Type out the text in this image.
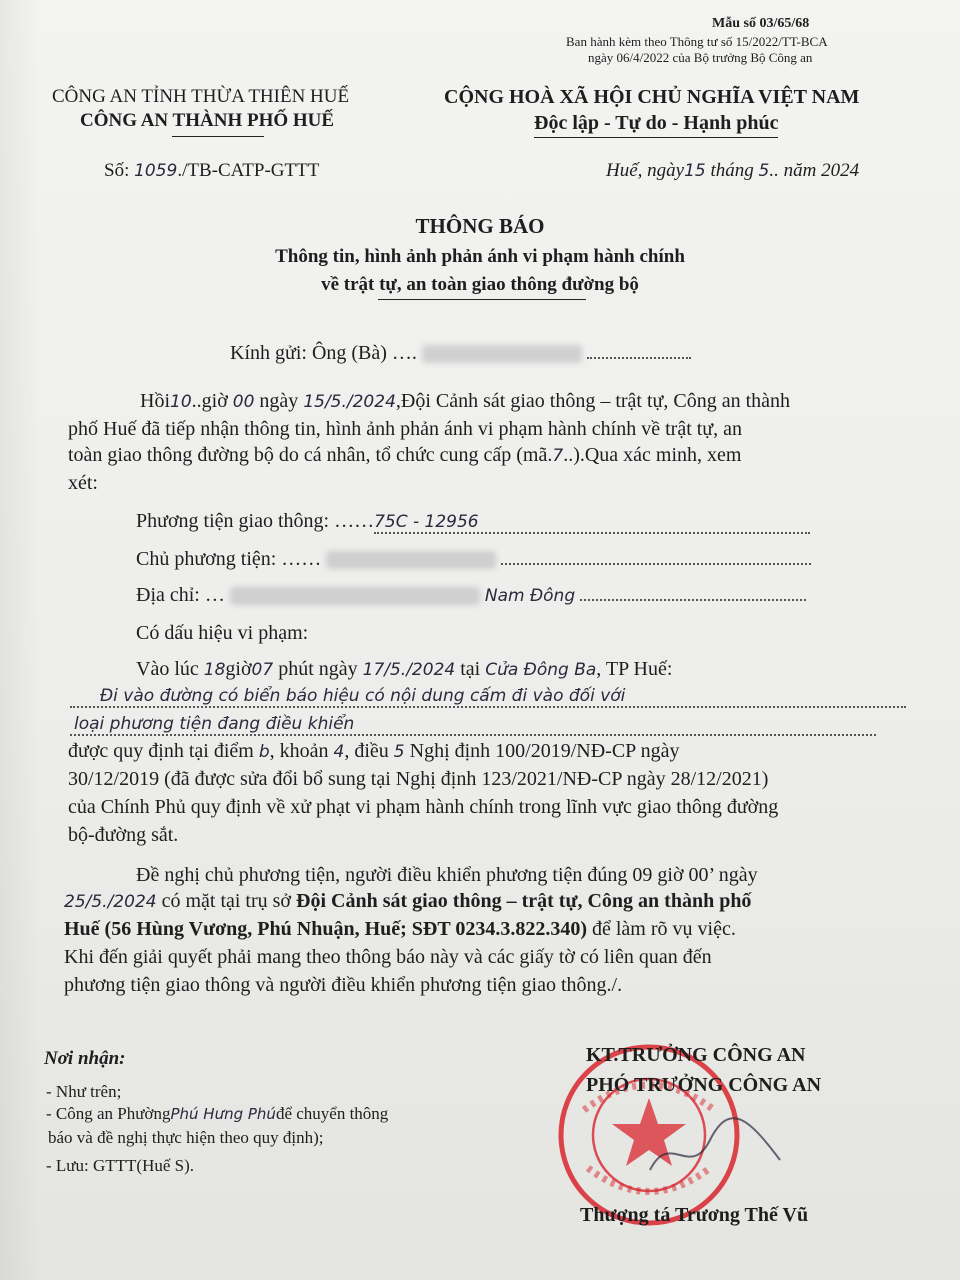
Mẫu số 03/65/68
Ban hành kèm theo Thông tư số 15/2022/TT-BCA
ngày 06/4/2022 của Bộ trưởng Bộ Công an
CÔNG AN TỈNH THỪA THIÊN HUẾ
CÔNG AN THÀNH PHỐ HUẾ
CỘNG HOÀ XÃ HỘI CHỦ NGHĨA VIỆT NAM
Độc lập - Tự do - Hạnh phúc
Số: 1059./TB-CATP-GTTT	Huế, ngày15 tháng 5.. năm 2024
THÔNG BÁO
Thông tin, hình ảnh phản ánh vi phạm hành chính
về trật tự, an toàn giao thông đường bộ
Kính gửi: Ông (Bà) ….
Hồi10..giờ 00 ngày 15/5./2024,Đội Cảnh sát giao thông – trật tự, Công an thành
phố Huế đã tiếp nhận thông tin, hình ảnh phản ánh vi phạm hành chính về trật tự, an
toàn giao thông đường bộ do cá nhân, tổ chức cung cấp (mã.7..).Qua xác minh, xem
xét:
Phương tiện giao thông: ……75C - 12956
Chủ phương tiện: ……
Địa chỉ: …	Nam Đông
Có dấu hiệu vi phạm:
Vào lúc 18giờ07 phút ngày 17/5./2024 tại Cửa Đông Ba, TP Huế:
Đi vào đường có biển báo hiệu có nội dung cấm đi vào đối với
loại phương tiện đang điều khiển
được quy định tại điểm b, khoản 4, điều 5 Nghị định 100/2019/NĐ-CP ngày
30/12/2019 (đã được sửa đổi bổ sung tại Nghị định 123/2021/NĐ-CP ngày 28/12/2021)
của Chính Phủ quy định về xử phạt vi phạm hành chính trong lĩnh vực giao thông đường
bộ-đường sắt.
Đề nghị chủ phương tiện, người điều khiển phương tiện đúng 09 giờ 00’ ngày
25/5./2024 có mặt tại trụ sở Đội Cảnh sát giao thông – trật tự, Công an thành phố
Huế (56 Hùng Vương, Phú Nhuận, Huế; SĐT 0234.3.822.340) để làm rõ vụ việc.
Khi đến giải quyết phải mang theo thông báo này và các giấy tờ có liên quan đến
phương tiện giao thông và người điều khiển phương tiện giao thông./.
Nơi nhận:
- Như trên;
- Công an PhườngPhú Hưng Phúđể chuyển thông
báo và đề nghị thực hiện theo quy định);
- Lưu: GTTT(Huế S).
KT.TRƯỞNG CÔNG AN
PHÓ TRƯỞNG CÔNG AN
Thượng tá Trương Thế Vũ
